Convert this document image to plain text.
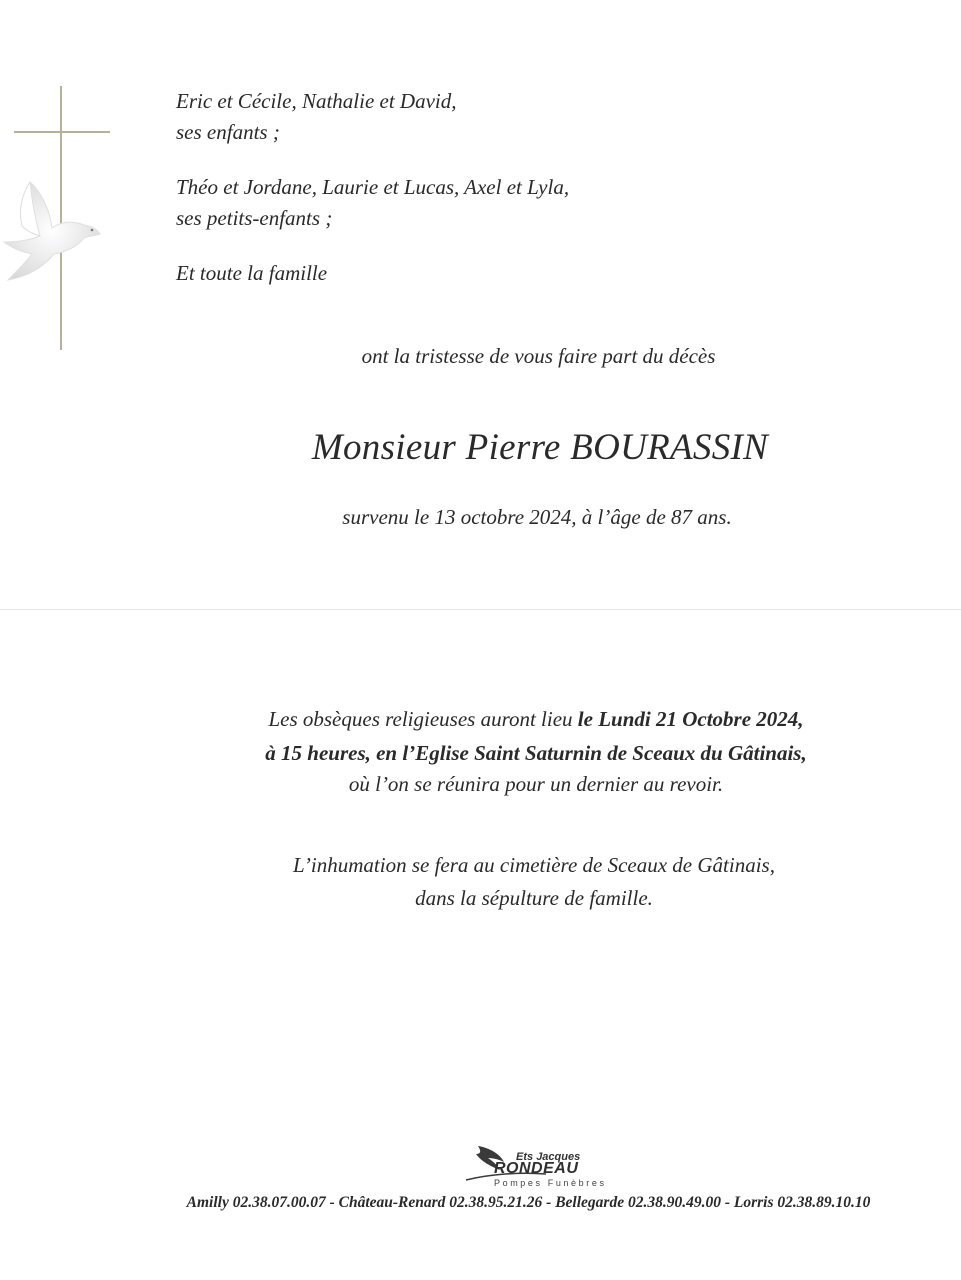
Eric et Cécile, Nathalie et David,
ses enfants ;
Théo et Jordane, Laurie et Lucas, Axel et Lyla,
ses petits-enfants ;
Et toute la famille
ont la tristesse de vous faire part du décès
Monsieur Pierre BOURASSIN
survenu le 13 octobre 2024, à l’âge de 87 ans.
Les obsèques religieuses auront lieu le Lundi 21 Octobre 2024,
à 15 heures, en l’Eglise Saint Saturnin de Sceaux du Gâtinais,
où l’on se réunira pour un dernier au revoir.
L’inhumation se fera au cimetière de Sceaux de Gâtinais,
dans la sépulture de famille.
Ets Jacques
RONDEAU
Pompes Funèbres
Amilly 02.38.07.00.07 - Château-Renard 02.38.95.21.26 - Bellegarde 02.38.90.49.00 - Lorris 02.38.89.10.10
